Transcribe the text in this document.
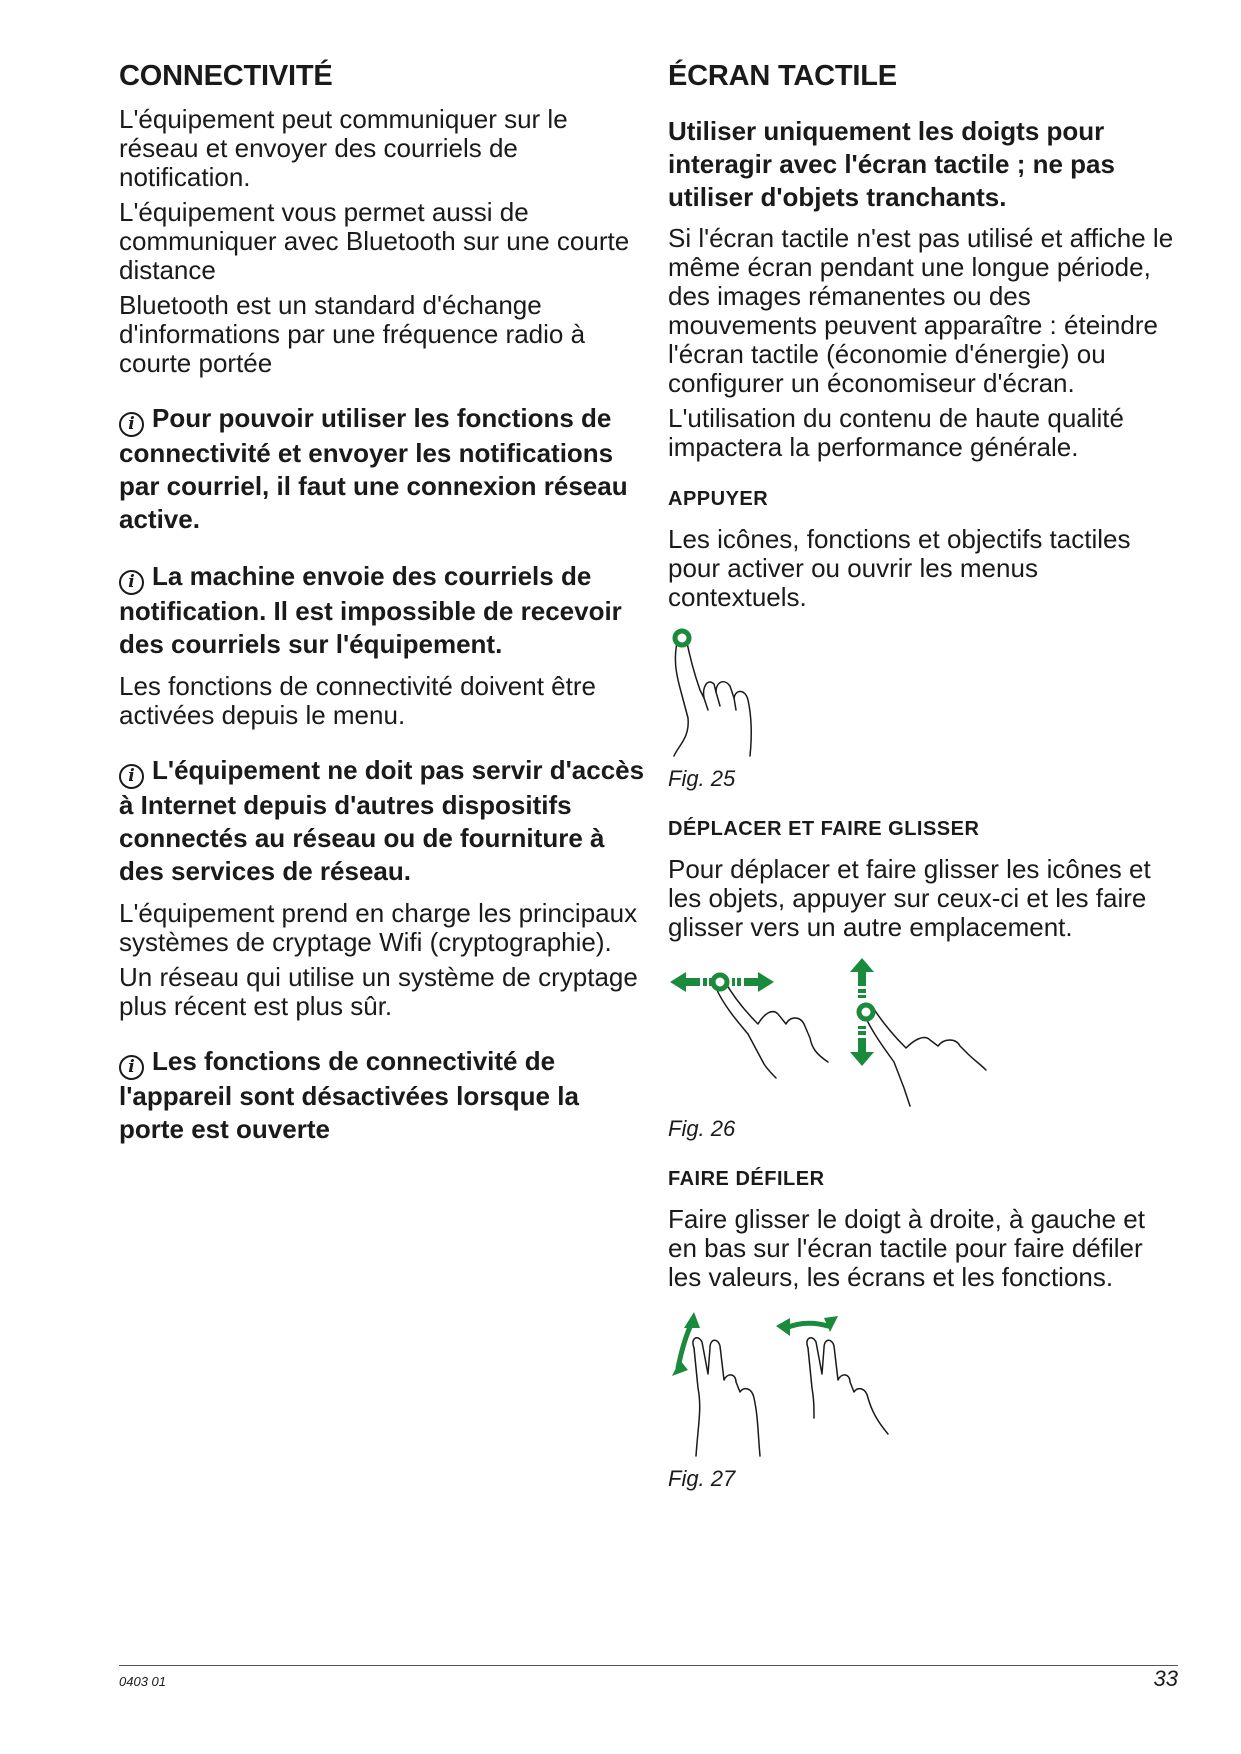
CONNECTIVITÉ

L'équipement peut communiquer sur le réseau et envoyer des courriels de notification.

L'équipement vous permet aussi de communiquer avec Bluetooth sur une courte distance

Bluetooth est un standard d'échange d'informations par une fréquence radio à courte portée

i Pour pouvoir utiliser les fonctions de connectivité et envoyer les notifications par courriel, il faut une connexion réseau active.

i La machine envoie des courriels de notification. Il est impossible de recevoir des courriels sur l'équipement.

Les fonctions de connectivité doivent être activées depuis le menu.

i L'équipement ne doit pas servir d'accès à Internet depuis d'autres dispositifs connectés au réseau ou de fourniture à des services de réseau.

L'équipement prend en charge les principaux systèmes de cryptage Wifi (cryptographie).

Un réseau qui utilise un système de cryptage plus récent est plus sûr.

i Les fonctions de connectivité de l'appareil sont désactivées lorsque la porte est ouverte

ÉCRAN TACTILE

Utiliser uniquement les doigts pour interagir avec l'écran tactile ; ne pas utiliser d'objets tranchants.

Si l'écran tactile n'est pas utilisé et affiche le même écran pendant une longue période, des images rémanentes ou des mouvements peuvent apparaître : éteindre l'écran tactile (économie d'énergie) ou configurer un économiseur d'écran.

L'utilisation du contenu de haute qualité impactera la performance générale.

APPUYER

Les icônes, fonctions et objectifs tactiles pour activer ou ouvrir les menus contextuels.

Fig. 25
DÉPLACER ET FAIRE GLISSER

Pour déplacer et faire glisser les icônes et les objets, appuyer sur ceux-ci et les faire glisser vers un autre emplacement.

Fig. 26
FAIRE DÉFILER

Faire glisser le doigt à droite, à gauche et en bas sur l'écran tactile pour faire défiler les valeurs, les écrans et les fonctions.

Fig. 27
0403 01	33
